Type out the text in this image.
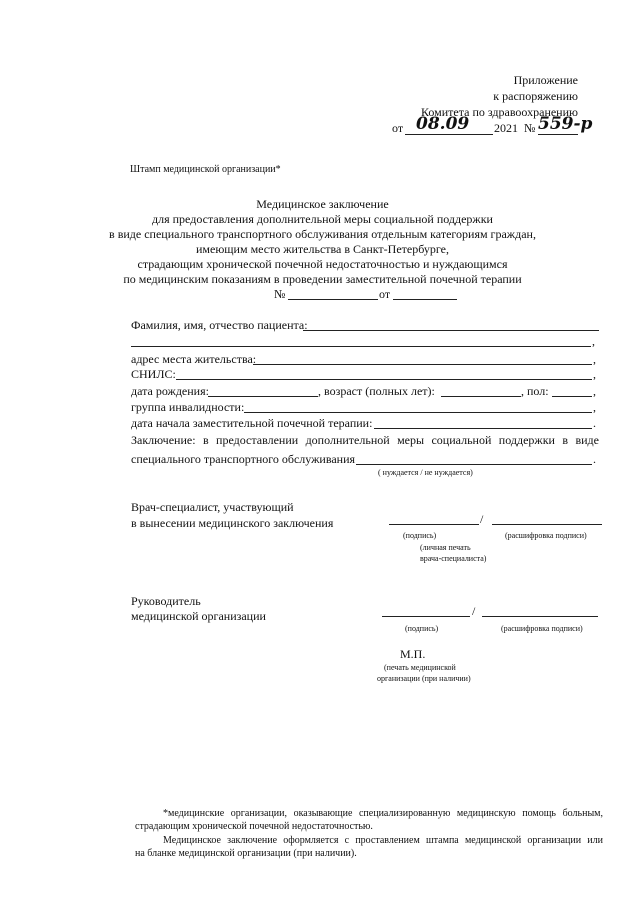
Приложение
к распоряжению
Комитета по здравоохранению
от 08.09 2021 № 559-р
Штамп медицинской организации*
Медицинское заключение
для предоставления дополнительной меры социальной поддержки
в виде специального транспортного обслуживания отдельным категориям граждан,
имеющим место жительства в Санкт-Петербурге,
страдающим хронической почечной недостаточностью и нуждающимся
по медицинским показаниям в проведении заместительной почечной терапии
№	от
Фамилия, имя, отчество пациента:
,
адрес места жительства:	,
СНИЛС:	,
дата рождения:	, возраст (полных лет):	, пол:	,
группа инвалидности:	,
дата начала заместительной почечной терапии:	.
Заключение: в предоставлении дополнительной меры социальной поддержки в виде
специального транспортного обслуживания	.
( нуждается / не нуждается)
Врач-специалист, участвующий
в вынесении медицинского заключения	/
(подпись)	(расшифровка подписи)
(личная печать
врача-специалиста)
Руководитель
медицинской организации	/
(подпись)	(расшифровка подписи)
М.П.
(печать медицинской
организации (при наличии)
*медицинские организации, оказывающие специализированную медицинскую помощь больным,
страдающим хронической почечной недостаточностью.
Медицинское заключение оформляется с проставлением штампа медицинской организации или
на бланке медицинской организации (при наличии).
